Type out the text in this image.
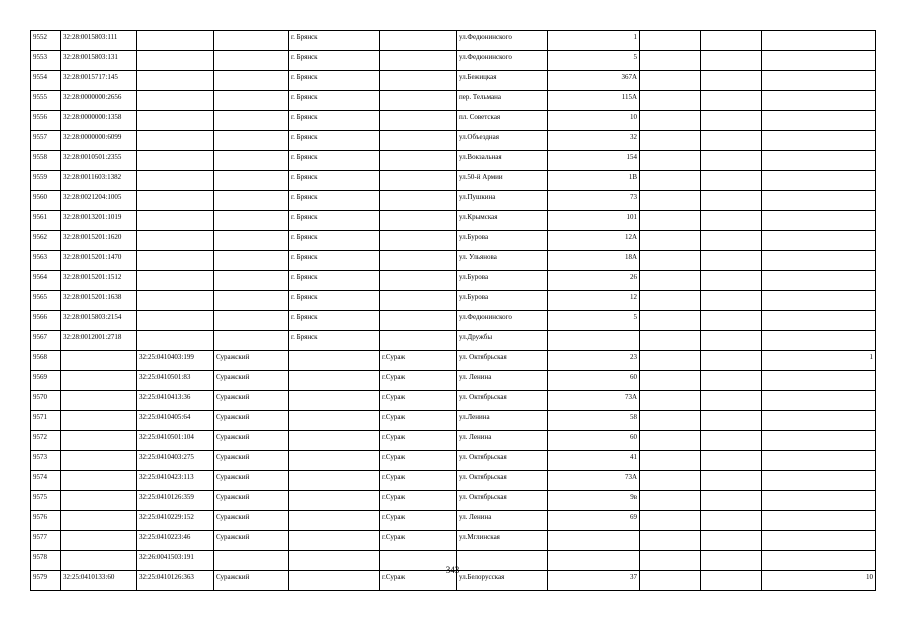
9552	32:28:0015803:111			г. Брянск		ул.Федюнинского	1			
9553	32:28:0015803:131			г. Брянск		ул.Федюнинского	5			
9554	32:28:0015717:145			г. Брянск		ул.Бежицкая	367А			
9555	32:28:0000000:2656			г. Брянск		пер. Тельмана	115А			
9556	32:28:0000000:1358			г. Брянск		пл. Советская	10			
9557	32:28:0000000:6099			г. Брянск		ул.Объездная	32			
9558	32:28:0010501:2355			г. Брянск		ул.Вокзальная	154			
9559	32:28:0011603:1382			г. Брянск		ул.50-й Армии	1В			
9560	32:28:0021204:1005			г. Брянск		ул.Пушкина	73			
9561	32:28:0013201:1019			г. Брянск		ул.Крымская	101			
9562	32:28:0015201:1620			г. Брянск		ул.Бурова	12А			
9563	32:28:0015201:1470			г. Брянск		ул. Ульянова	18А			
9564	32:28:0015201:1512			г. Брянск		ул.Бурова	26			
9565	32:28:0015201:1638			г. Брянск		ул.Бурова	12			
9566	32:28:0015803:2154			г. Брянск		ул.Федюнинского	5			
9567	32:28:0012001:2718			г. Брянск		ул.Дружбы				
9568		32:25:0410403:199	Суражский		г.Сураж	ул. Октябрьская	23			1
9569		32:25:0410501:83	Суражский		г.Сураж	ул. Ленина	60			
9570		32:25:0410413:36	Суражский		г.Сураж	ул. Октябрьская	73А			
9571		32:25:0410405:64	Суражский		г.Сураж	ул.Ленина	58			
9572		32:25:0410501:104	Суражский		г.Сураж	ул. Ленина	60			
9573		32:25:0410403:275	Суражский		г.Сураж	ул. Октябрьская	41			
9574		32:25:0410423:113	Суражский		г.Сураж	ул. Октябрьская	73А			
9575		32:25:0410126:359	Суражский		г.Сураж	ул. Октябрьская	9в			
9576		32:25:0410229:152	Суражский		г.Сураж	ул. Ленина	69			
9577		32:25:0410223:46	Суражский		г.Сураж	ул.Мглинская				
9578		32:26:0041503:191								
9579	32:25:0410133:60	32:25:0410126:363	Суражский		г.Сураж	ул.Белорусская	37			10
343
